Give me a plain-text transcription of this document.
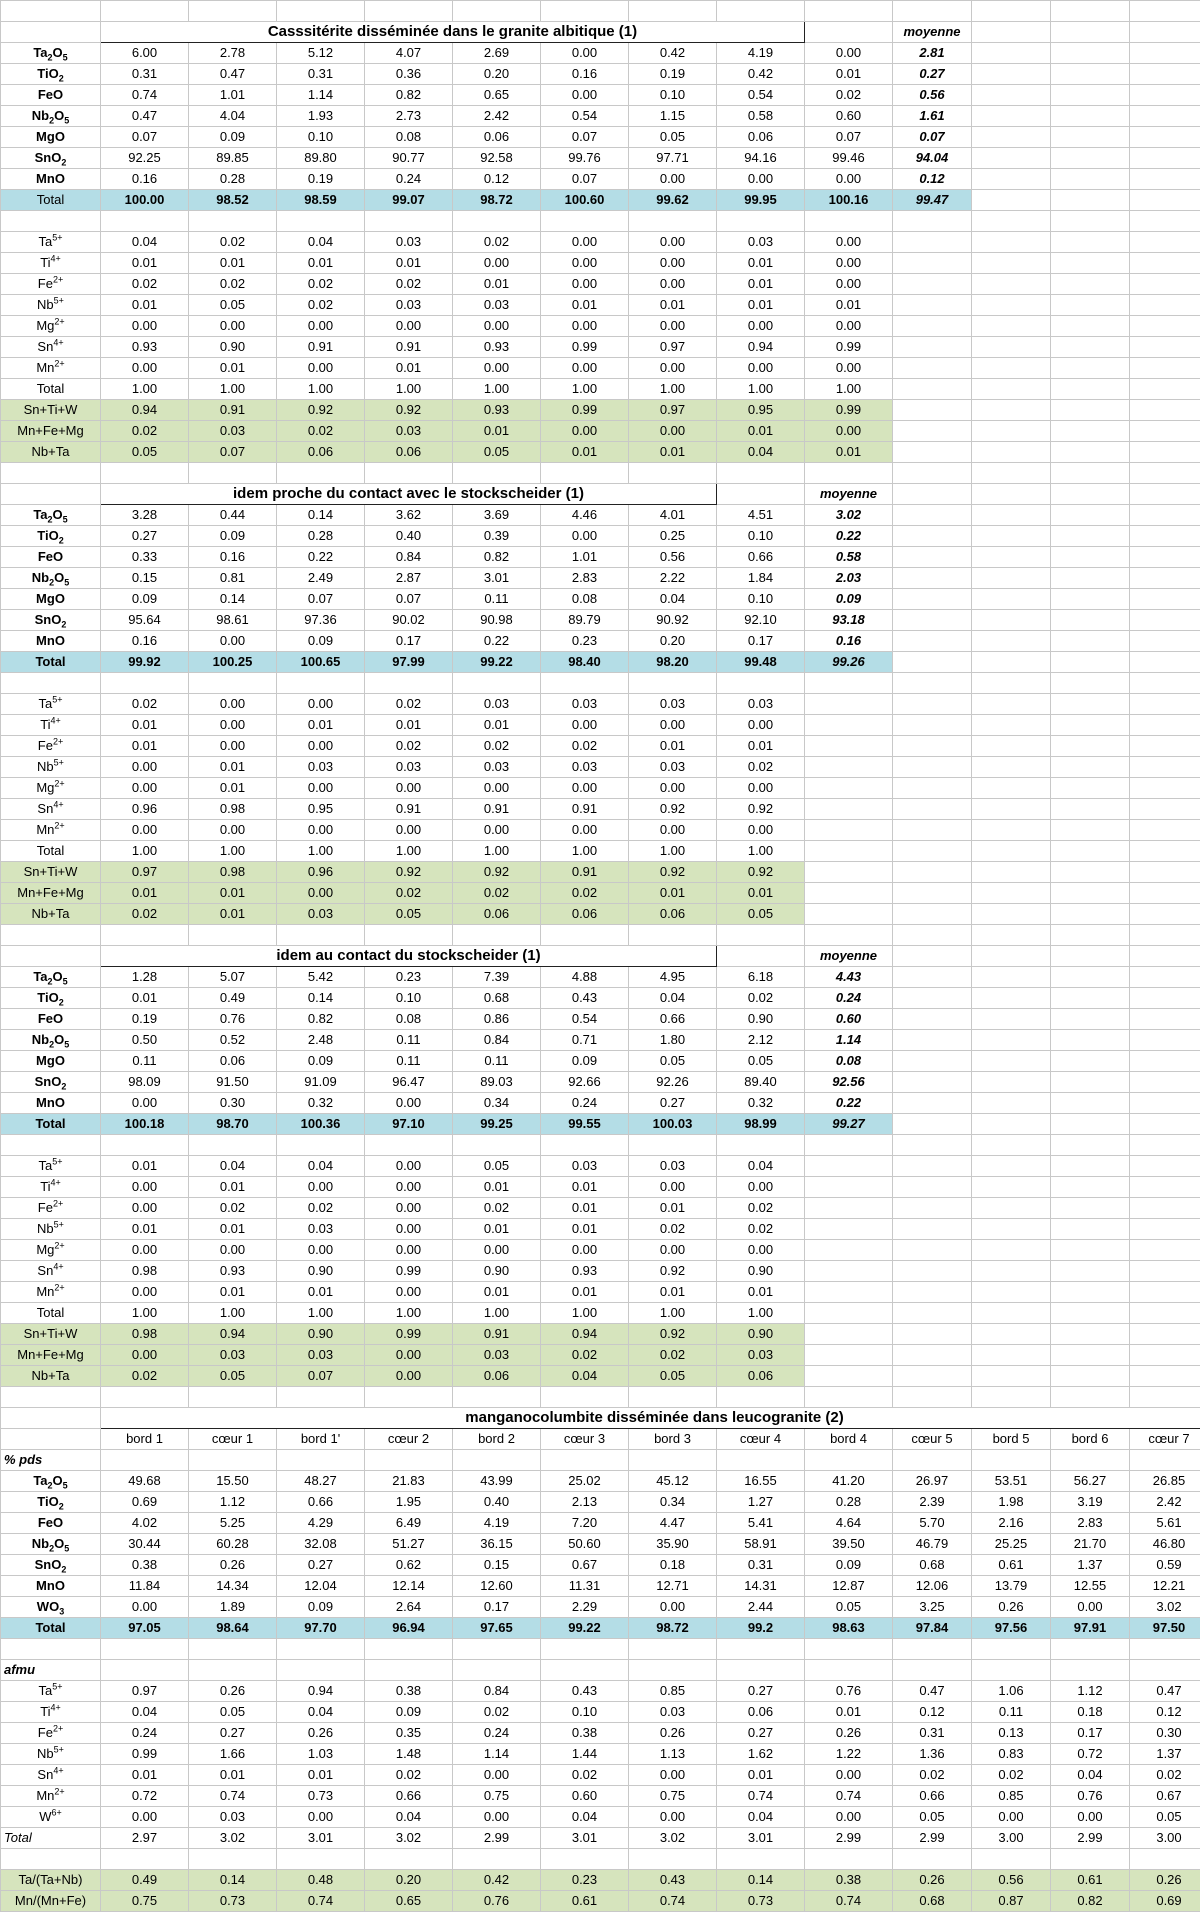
	Casssitérite disséminée dans le granite albitique (1)									moyenne			
$Ta_2O_5$	6.00	2.78	5.12	4.07	2.69	0.00	0.42	4.19	0.00	2.81			
TiO$_2$	0.31	0.47	0.31	0.36	0.20	0.16	0.19	0.42	0.01	0.27			
FeO	0.74	1.01	1.14	0.82	0.65	0.00	0.10	0.54	0.02	0.56			
$Nb_2O_5$	0.47	4.04	1.93	2.73	2.42	0.54	1.15	0.58	0.60	1.61			
MgO	0.07	0.09	0.10	0.08	0.06	0.07	0.05	0.06	0.07	0.07			
SnO$_2$	92.25	89.85	89.80	90.77	92.58	99.76	97.71	94.16	99.46	94.04			
MnO	0.16	0.28	0.19	0.24	0.12	0.07	0.00	0.00	0.00	0.12			
Total	100.00	98.52	98.59	99.07	98.72	100.60	99.62	99.95	100.16	99.47			

$Ta^{5+}$	0.04	0.02	0.04	0.03	0.02	0.00	0.00	0.03	0.00				
$Ti^{4+}$	0.01	0.01	0.01	0.01	0.00	0.00	0.00	0.01	0.00				
$Fe^{2+}$	0.02	0.02	0.02	0.02	0.01	0.00	0.00	0.01	0.00				
$Nb^{5+}$	0.01	0.05	0.02	0.03	0.03	0.01	0.01	0.01	0.01				
$Mg^{2+}$	0.00	0.00	0.00	0.00	0.00	0.00	0.00	0.00	0.00				
$Sn^{4+}$	0.93	0.90	0.91	0.91	0.93	0.99	0.97	0.94	0.99				
$Mn^{2+}$	0.00	0.01	0.00	0.01	0.00	0.00	0.00	0.00	0.00				
Total	1.00	1.00	1.00	1.00	1.00	1.00	1.00	1.00	1.00				
Sn+Ti+W	0.94	0.91	0.92	0.92	0.93	0.99	0.97	0.95	0.99				
Mn+Fe+Mg	0.02	0.03	0.02	0.03	0.01	0.00	0.00	0.01	0.00				
Nb+Ta	0.05	0.07	0.06	0.06	0.05	0.01	0.01	0.04	0.01				

	idem proche du contact avec le stockscheider (1)								moyenne				
$Ta_2O_5$	3.28	0.44	0.14	3.62	3.69	4.46	4.01	4.51	3.02				
TiO$_2$	0.27	0.09	0.28	0.40	0.39	0.00	0.25	0.10	0.22				
FeO	0.33	0.16	0.22	0.84	0.82	1.01	0.56	0.66	0.58				
$Nb_2O_5$	0.15	0.81	2.49	2.87	3.01	2.83	2.22	1.84	2.03				
MgO	0.09	0.14	0.07	0.07	0.11	0.08	0.04	0.10	0.09				
SnO$_2$	95.64	98.61	97.36	90.02	90.98	89.79	90.92	92.10	93.18				
MnO	0.16	0.00	0.09	0.17	0.22	0.23	0.20	0.17	0.16				
Total	99.92	100.25	100.65	97.99	99.22	98.40	98.20	99.48	99.26				

$Ta^{5+}$	0.02	0.00	0.00	0.02	0.03	0.03	0.03	0.03					
$Ti^{4+}$	0.01	0.00	0.01	0.01	0.01	0.00	0.00	0.00					
$Fe^{2+}$	0.01	0.00	0.00	0.02	0.02	0.02	0.01	0.01					
$Nb^{5+}$	0.00	0.01	0.03	0.03	0.03	0.03	0.03	0.02					
$Mg^{2+}$	0.00	0.01	0.00	0.00	0.00	0.00	0.00	0.00					
$Sn^{4+}$	0.96	0.98	0.95	0.91	0.91	0.91	0.92	0.92					
$Mn^{2+}$	0.00	0.00	0.00	0.00	0.00	0.00	0.00	0.00					
Total	1.00	1.00	1.00	1.00	1.00	1.00	1.00	1.00					
Sn+Ti+W	0.97	0.98	0.96	0.92	0.92	0.91	0.92	0.92					
Mn+Fe+Mg	0.01	0.01	0.00	0.02	0.02	0.02	0.01	0.01					
Nb+Ta	0.02	0.01	0.03	0.05	0.06	0.06	0.06	0.05					

	idem au contact du stockscheider (1)								moyenne				
$Ta_2O_5$	1.28	5.07	5.42	0.23	7.39	4.88	4.95	6.18	4.43				
TiO$_2$	0.01	0.49	0.14	0.10	0.68	0.43	0.04	0.02	0.24				
FeO	0.19	0.76	0.82	0.08	0.86	0.54	0.66	0.90	0.60				
$Nb_2O_5$	0.50	0.52	2.48	0.11	0.84	0.71	1.80	2.12	1.14				
MgO	0.11	0.06	0.09	0.11	0.11	0.09	0.05	0.05	0.08				
SnO$_2$	98.09	91.50	91.09	96.47	89.03	92.66	92.26	89.40	92.56				
MnO	0.00	0.30	0.32	0.00	0.34	0.24	0.27	0.32	0.22				
Total	100.18	98.70	100.36	97.10	99.25	99.55	100.03	98.99	99.27				

$Ta^{5+}$	0.01	0.04	0.04	0.00	0.05	0.03	0.03	0.04					
$Ti^{4+}$	0.00	0.01	0.00	0.00	0.01	0.01	0.00	0.00					
$Fe^{2+}$	0.00	0.02	0.02	0.00	0.02	0.01	0.01	0.02					
$Nb^{5+}$	0.01	0.01	0.03	0.00	0.01	0.01	0.02	0.02					
$Mg^{2+}$	0.00	0.00	0.00	0.00	0.00	0.00	0.00	0.00					
$Sn^{4+}$	0.98	0.93	0.90	0.99	0.90	0.93	0.92	0.90					
$Mn^{2+}$	0.00	0.01	0.01	0.00	0.01	0.01	0.01	0.01					
Total	1.00	1.00	1.00	1.00	1.00	1.00	1.00	1.00					
Sn+Ti+W	0.98	0.94	0.90	0.99	0.91	0.94	0.92	0.90					
Mn+Fe+Mg	0.00	0.03	0.03	0.00	0.03	0.02	0.02	0.03					
Nb+Ta	0.02	0.05	0.07	0.00	0.06	0.04	0.05	0.06					

	manganocolumbite disséminée dans leucogranite (2)												
	bord 1	cœur 1	bord 1'	cœur 2	bord 2	cœur 3	bord 3	cœur 4	bord 4	cœur 5	bord 5	bord 6	cœur 7
% pds													
$Ta_2O_5$	49.68	15.50	48.27	21.83	43.99	25.02	45.12	16.55	41.20	26.97	53.51	56.27	26.85
TiO$_2$	0.69	1.12	0.66	1.95	0.40	2.13	0.34	1.27	0.28	2.39	1.98	3.19	2.42
FeO	4.02	5.25	4.29	6.49	4.19	7.20	4.47	5.41	4.64	5.70	2.16	2.83	5.61
$Nb_2O_5$	30.44	60.28	32.08	51.27	36.15	50.60	35.90	58.91	39.50	46.79	25.25	21.70	46.80
SnO$_2$	0.38	0.26	0.27	0.62	0.15	0.67	0.18	0.31	0.09	0.68	0.61	1.37	0.59
MnO	11.84	14.34	12.04	12.14	12.60	11.31	12.71	14.31	12.87	12.06	13.79	12.55	12.21
$WO_3$	0.00	1.89	0.09	2.64	0.17	2.29	0.00	2.44	0.05	3.25	0.26	0.00	3.02
Total	97.05	98.64	97.70	96.94	97.65	99.22	98.72	99.2	98.63	97.84	97.56	97.91	97.50

afmu													
$Ta^{5+}$	0.97	0.26	0.94	0.38	0.84	0.43	0.85	0.27	0.76	0.47	1.06	1.12	0.47
$Ti^{4+}$	0.04	0.05	0.04	0.09	0.02	0.10	0.03	0.06	0.01	0.12	0.11	0.18	0.12
$Fe^{2+}$	0.24	0.27	0.26	0.35	0.24	0.38	0.26	0.27	0.26	0.31	0.13	0.17	0.30
$Nb^{5+}$	0.99	1.66	1.03	1.48	1.14	1.44	1.13	1.62	1.22	1.36	0.83	0.72	1.37
$Sn^{4+}$	0.01	0.01	0.01	0.02	0.00	0.02	0.00	0.01	0.00	0.02	0.02	0.04	0.02
$Mn^{2+}$	0.72	0.74	0.73	0.66	0.75	0.60	0.75	0.74	0.74	0.66	0.85	0.76	0.67
$W^{6+}$	0.00	0.03	0.00	0.04	0.00	0.04	0.00	0.04	0.00	0.05	0.00	0.00	0.05
Total	2.97	3.02	3.01	3.02	2.99	3.01	3.02	3.01	2.99	2.99	3.00	2.99	3.00

Ta/(Ta+Nb)	0.49	0.14	0.48	0.20	0.42	0.23	0.43	0.14	0.38	0.26	0.56	0.61	0.26
Mn/(Mn+Fe)	0.75	0.73	0.74	0.65	0.76	0.61	0.74	0.73	0.74	0.68	0.87	0.82	0.69
